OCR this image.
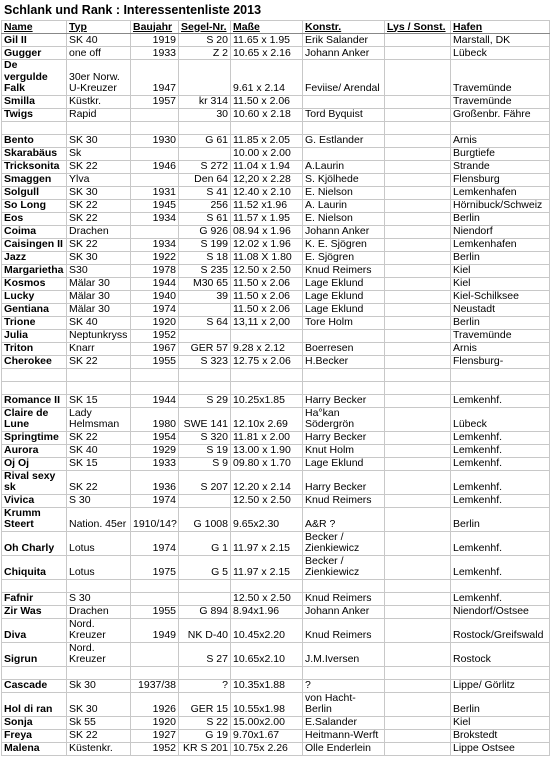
Schlank und Rank : Interessentenliste 2013
Name	Typ	Baujahr	Segel-Nr.	Maße	Konstr.	Lys / Sonst.	Hafen
Gil II	SK 40	1919	S 20	11.65 x 1.95	Erik Salander		Marstall, DK
Gugger	one off	1933	Z 2	10.65 x 2.16	Johann Anker		Lübeck
De vergulde Falk	30er Norw. U-Kreuzer	1947		9.61 x 2.14	Feviise/ Arendal		Travemünde
Smilla	Küstkr.	1957	kr 314	11.50 x 2.06			Travemünde
Twigs	Rapid		30	10.60 x 2.18	Tord Byquist		Großenbr. Fähre

Bento	SK 30	1930	G 61	11.85 x 2.05	G. Estlander		Arnis
Skarabäus	Sk			10.00 x 2.00			Burgtiefe
Tricksonita	SK 22	1946	S 272	11.04 x 1.94	A.Laurin		Strande
Smaggen	Ylva		Den 64	12,20 x 2.28	S. Kjölhede		Flensburg
Solgull	SK 30	1931	S 41	12.40 x 2.10	E. Nielson		Lemkenhafen
So Long	SK 22	1945	256	11.52 x1.96	A. Laurin		Hörnibuck/Schweiz
Eos	SK 22	1934	S 61	11.57 x 1.95	E. Nielson		Berlin
Coima	Drachen		G 926	08.94 x 1.96	Johann Anker		Niendorf
Caisingen II	SK 22	1934	S 199	12.02 x 1.96	K. E. Sjögren		Lemkenhafen
Jazz	SK 30	1922	S 18	11.08 X 1.80	E. Sjögren		Berlin
Margarietha	S30	1978	S 235	12.50 x 2.50	Knud Reimers		Kiel
Kosmos	Mälar 30	1944	M30 65	11.50 x 2.06	Lage Eklund		Kiel
Lucky	Mälar 30	1940	39	11.50 x 2.06	Lage Eklund		Kiel-Schilksee
Gentiana	Mälar 30	1974		11.50 x 2.06	Lage Eklund		Neustadt
Trione	SK 40	1920	S 64	13,11 x 2,00	Tore Holm		Berlin
Julia	Neptunkryss	1952					Travemünde
Triton	Knarr	1967	GER 57	9.28 x 2.12	Boerresen		Arnis
Cherokee	SK 22	1955	S 323	12.75 x 2.06	H.Becker		Flensburg-

Romance II	SK 15	1944	S 29	10.25x1.85	Harry Becker		Lemkenhf.
Claire de Lune	Lady Helmsman	1980	SWE 141	12.10x 2.69	Ha°kan Södergrön		Lübeck
Springtime	SK 22	1954	S 320	11.81 x 2.00	Harry Becker		Lemkenhf.
Aurora	SK 40	1929	S 19	13.00 x 1.90	Knut Holm		Lemkenhf.
Oj Oj	SK 15	1933	S 9	09.80 x 1.70	Lage Eklund		Lemkenhf.
Rival sexy sk	SK 22	1936	S 207	12.20 x 2.14	Harry Becker		Lemkenhf.
Vivica	S 30	1974		12.50 x 2.50	Knud Reimers		Lemkenhf.
Krumm Steert	Nation. 45er	1910/14?	G 1008	9.65x2.30	A&R ?		Berlin
Oh Charly	Lotus	1974	G 1	11.97 x 2.15	Becker / Zienkiewicz		Lemkenhf.
Chiquita	Lotus	1975	G 5	11.97 x 2.15	Becker / Zienkiewicz		Lemkenhf.

Fafnir	S 30			12.50 x 2.50	Knud Reimers		Lemkenhf.
Zir Was	Drachen	1955	G 894	8.94x1.96	Johann Anker		Niendorf/Ostsee
Diva	Nord. Kreuzer	1949	NK D-40	10.45x2.20	Knud Reimers		Rostock/Greifswald
Sigrun	Nord. Kreuzer		S 27	10.65x2.10	J.M.Iversen		Rostock

Cascade	Sk 30	1937/38	?	10.35x1.88	?		Lippe/ Görlitz
Hol di ran	SK 30	1926	GER 15	10.55x1.98	von Hacht- Berlin		Berlin
Sonja	Sk 55	1920	S 22	15.00x2.00	E.Salander		Kiel
Freya	SK 22	1927	G 19	9.70x1.67	Heitmann-Werft		Brokstedt
Malena	Küstenkr.	1952	KR S 201	10.75x 2.26	Olle Enderlein		Lippe Ostsee
